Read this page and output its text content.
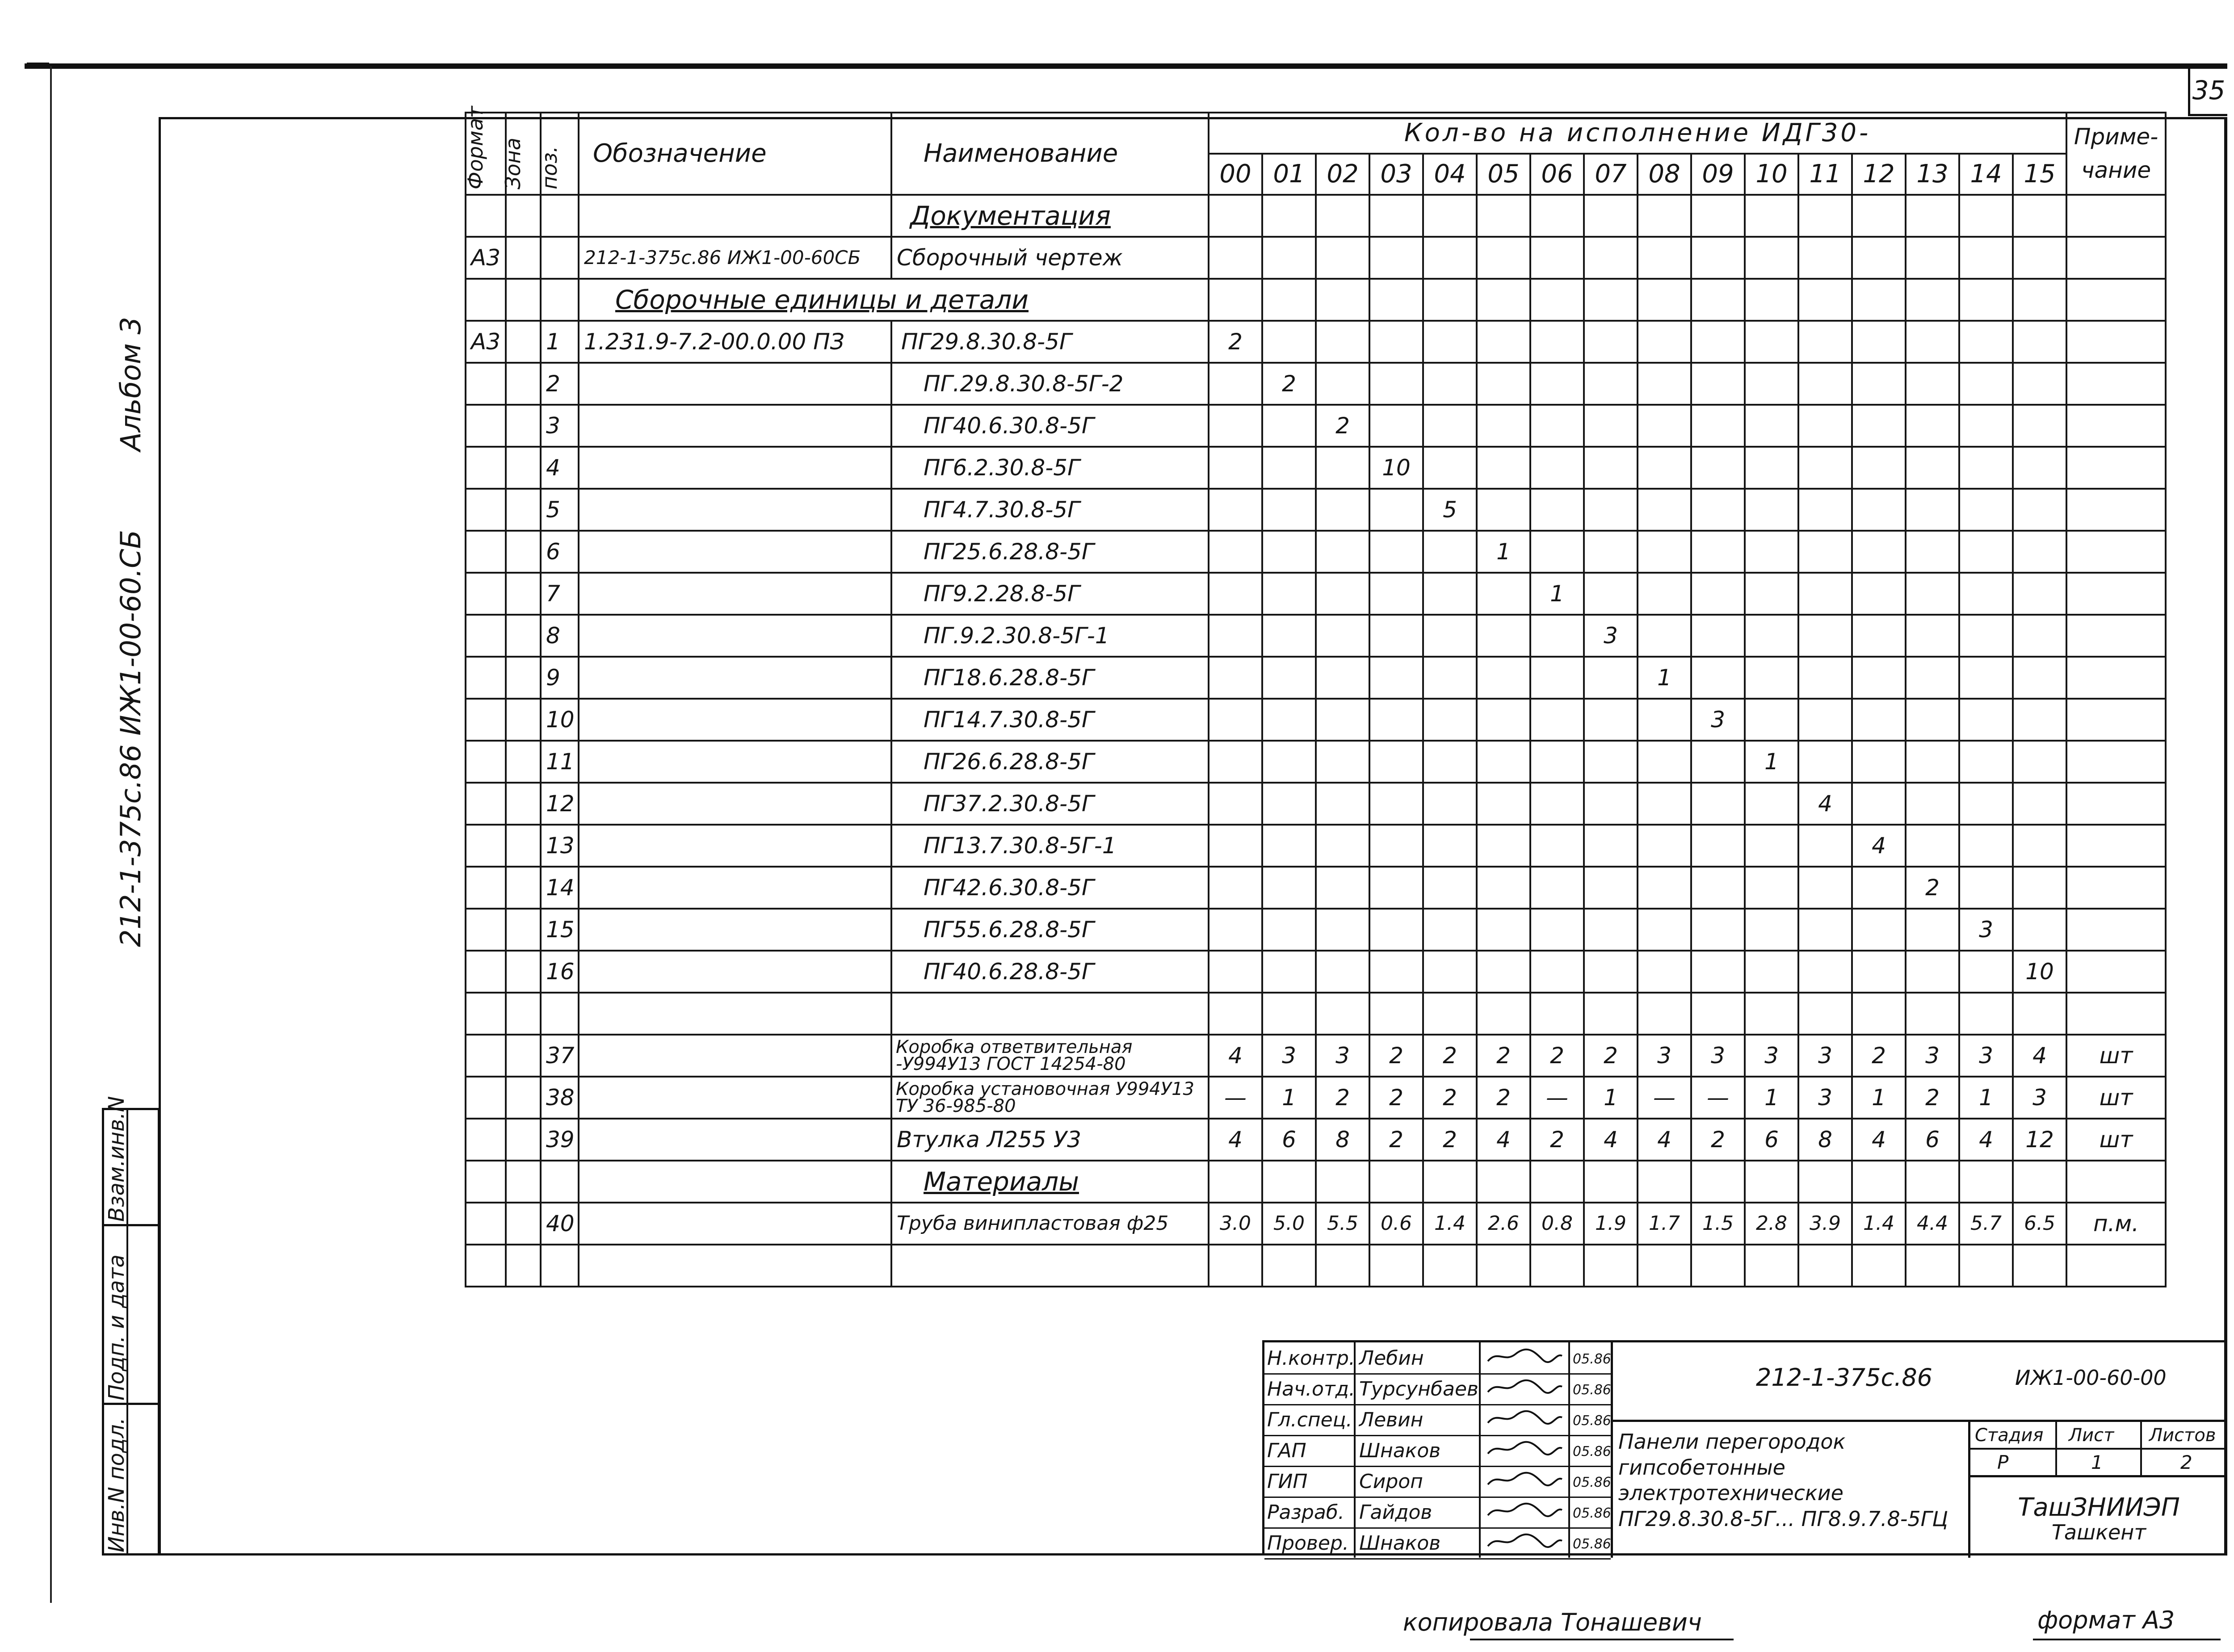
35
Альбом 3
212-1-375с.86 ИЖ1-00-60.СБ
Взам.инв.N
Подп. и дата
Инв.N подл.
Формат	Зона	поз.	Обозначение	Наименование	Кол-во на исполнение ИДГ30-																Приме-чание
					00	01	02	03	04	05	06	07	08	09	10	11	12	13	14	15	
				Документация																	
А3			212-1-375с.86 ИЖ1-00-60СБ	Сборочный чертеж																	
			Сборочные единицы и детали																		
А3		1	1.231.9-7.2-00.0.00 ПЗ	ПГ29.8.30.8-5Г	2																
		2		ПГ.29.8.30.8-5Г-2		2															
		3		ПГ40.6.30.8-5Г			2														
		4		ПГ6.2.30.8-5Г				10													
		5		ПГ4.7.30.8-5Г					5												
		6		ПГ25.6.28.8-5Г						1											
		7		ПГ9.2.28.8-5Г							1										
		8		ПГ.9.2.30.8-5Г-1								3									
		9		ПГ18.6.28.8-5Г									1								
		10		ПГ14.7.30.8-5Г										3							
		11		ПГ26.6.28.8-5Г											1						
		12		ПГ37.2.30.8-5Г												4					
		13		ПГ13.7.30.8-5Г-1													4				
		14		ПГ42.6.30.8-5Г														2			
		15		ПГ55.6.28.8-5Г															3		
		16		ПГ40.6.28.8-5Г																10	

		37		Коробка ответвительная -У994У13 ГОСТ 14254-80	4	3	3	2	2	2	2	2	3	3	3	3	2	3	3	4	шт
		38		Коробка установочная У994У13 ТУ 36-985-80	—	1	2	2	2	2	—	1	—	—	1	3	1	2	1	3	шт
		39		Втулка Л255 У3	4	6	8	2	2	4	2	4	4	2	6	8	4	6	4	12	шт
				Материалы																	
		40		Труба винипластовая ф25	3.0	5.0	5.5	0.6	1.4	2.6	0.8	1.9	1.7	1.5	2.8	3.9	1.4	4.4	5.7	6.5	п.м.

Н.контр. Лебин	05.86
Нач.отд. Турсунбаев	05.86
Гл.спец. Левин	05.86
ГАП	Шнаков	05.86
ГИП	Сироп	05.86
Разраб. Гайдов	05.86
Провер. Шнаков	05.86
212-1-375с.86	ИЖ1-00-60-00
Панели перегородок гипсобетонные электротехнические ПГ29.8.30.8-5Г... ПГ8.9.7.8-5ГЦ
Стадия Лист Листов
Р	1	2
ТашЗНИИЭП
Ташкент
копировала Тонашевич	формат А3
